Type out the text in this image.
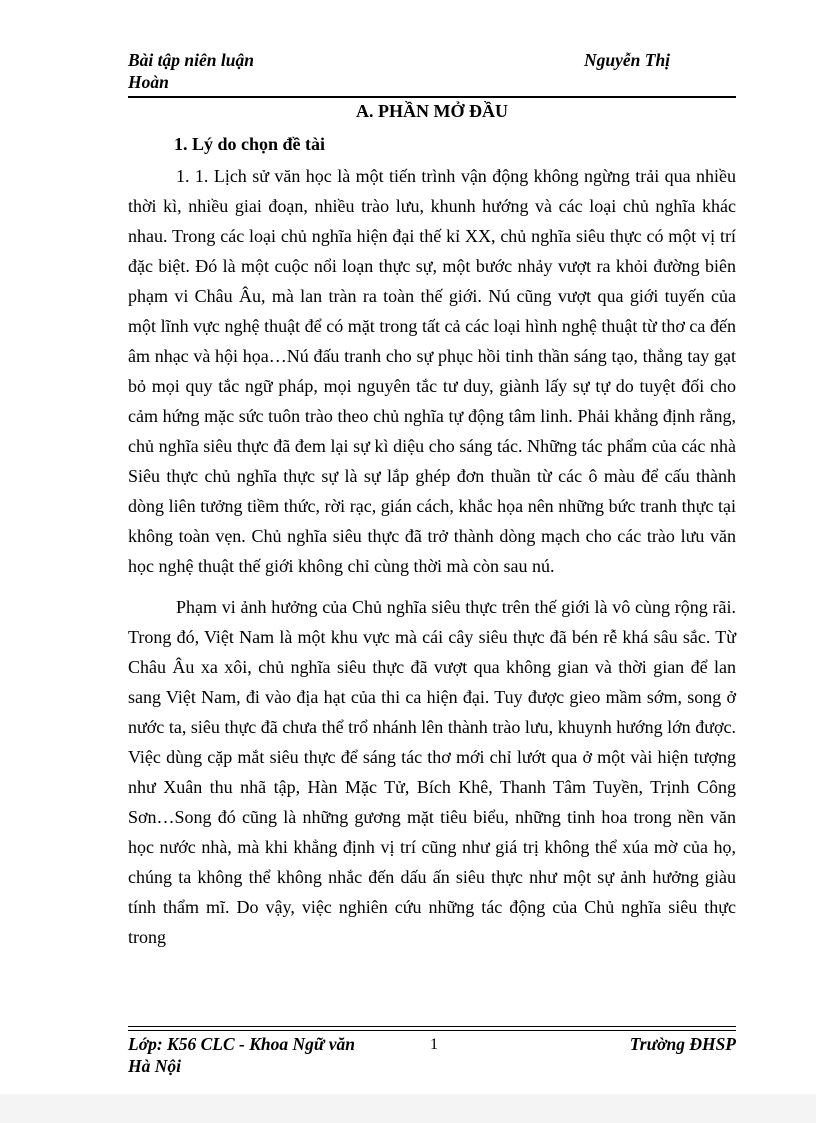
Bài tập niên luận	Nguyễn Thị
Hoàn
A. PHẦN MỞ ĐẦU
1. Lý do chọn đề tài

1. 1. Lịch sử văn học là một tiến trình vận động không ngừng trải qua nhiều thời kì, nhiều giai đoạn, nhiều trào lưu, khunh hướng và các loại chủ nghĩa khác nhau. Trong các loại chủ nghĩa hiện đại thế kỉ XX, chủ nghĩa siêu thực có một vị trí đặc biệt. Đó là một cuộc nổi loạn thực sự, một bước nhảy vượt ra khỏi đường biên phạm vi Châu Âu, mà lan tràn ra toàn thế giới. Nú cũng vượt qua giới tuyến của một lĩnh vực nghệ thuật để có mặt trong tất cả các loại hình nghệ thuật từ thơ ca đến âm nhạc và hội họa…Nú đấu tranh cho sự phục hồi tinh thần sáng tạo, thẳng tay gạt bỏ mọi quy tắc ngữ pháp, mọi nguyên tắc tư duy, giành lấy sự tự do tuyệt đối cho cảm hứng mặc sức tuôn trào theo chủ nghĩa tự động tâm linh. Phải khẳng định rằng, chủ nghĩa siêu thực đã đem lại sự kì diệu cho sáng tác. Những tác phẩm của các nhà Siêu thực chủ nghĩa thực sự là sự lắp ghép đơn thuần từ các ô màu để cấu thành dòng liên tưởng tiềm thức, rời rạc, gián cách, khắc họa nên những bức tranh thực tại không toàn vẹn. Chủ nghĩa siêu thực đã trở thành dòng mạch cho các trào lưu văn học nghệ thuật thế giới không chỉ cùng thời mà còn sau nú.

Phạm vi ảnh hưởng của Chủ nghĩa siêu thực trên thế giới là vô cùng rộng rãi. Trong đó, Việt Nam là một khu vực mà cái cây siêu thực đã bén rễ khá sâu sắc. Từ Châu Âu xa xôi, chủ nghĩa siêu thực đã vượt qua không gian và thời gian để lan sang Việt Nam, đi vào địa hạt của thi ca hiện đại. Tuy được gieo mầm sớm, song ở nước ta, siêu thực đã chưa thể trổ nhánh lên thành trào lưu, khuynh hướng lớn được. Việc dùng cặp mắt siêu thực để sáng tác thơ mới chỉ lướt qua ở một vài hiện tượng như Xuân thu nhã tập, Hàn Mặc Tử, Bích Khê, Thanh Tâm Tuyền, Trịnh Công Sơn…Song đó cũng là những gương mặt tiêu biểu, những tinh hoa trong nền văn học nước nhà, mà khi khẳng định vị trí cũng như giá trị không thể xúa mờ của họ, chúng ta không thể không nhắc đến dấu ấn siêu thực như một sự ảnh hưởng giàu tính thẩm mĩ. Do vậy, việc nghiên cứu những tác động của Chủ nghĩa siêu thực trong

Lớp: K56 CLC - Khoa Ngữ văn	1	Trường ĐHSP
Hà Nội
